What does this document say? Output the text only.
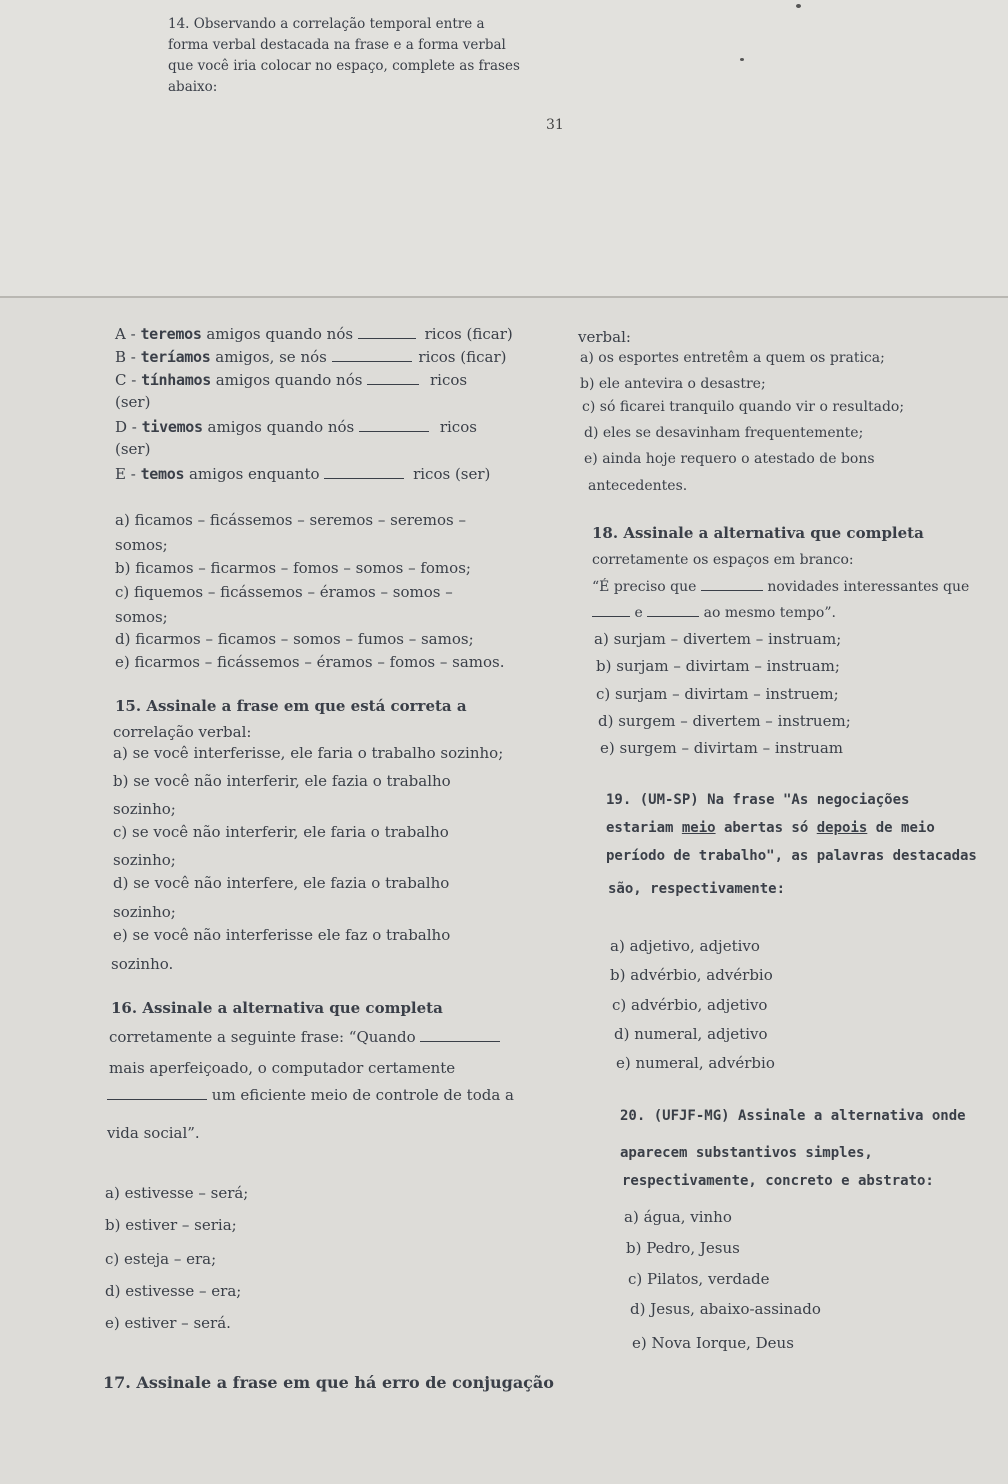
14. Observando a correlação temporal entre a
forma verbal destacada na frase e a forma verbal
que você iria colocar no espaço, complete as frases
abaixo:
31
A - teremos amigos quando nós	ricos (ficar)
B - teríamos amigos, se nós	ricos (ficar)
C - tínhamos amigos quando nós	ricos
(ser)
D - tivemos amigos quando nós	ricos
(ser)
E - temos amigos enquanto	ricos (ser)
a) ficamos – ficássemos – seremos – seremos –
somos;
b) ficamos – ficarmos – fomos – somos – fomos;
c) fiquemos – ficássemos – éramos – somos –
somos;
d) ficarmos – ficamos – somos – fumos – samos;
e) ficarmos – ficássemos – éramos – fomos – samos.
15. Assinale a frase em que está correta a
correlação verbal:
a) se você interferisse, ele faria o trabalho sozinho;
b) se você não interferir, ele fazia o trabalho
sozinho;
c) se você não interferir, ele faria o trabalho
sozinho;
d) se você não interfere, ele fazia o trabalho
sozinho;
e) se você não interferisse ele faz o trabalho
sozinho.
16. Assinale a alternativa que completa
corretamente a seguinte frase: “Quando
mais aperfeiçoado, o computador certamente
um eficiente meio de controle de toda a
vida social”.
a) estivesse – será;
b) estiver – seria;
c) esteja – era;
d) estivesse – era;
e) estiver – será.
17. Assinale a frase em que há erro de conjugação
verbal:
a) os esportes entretêm a quem os pratica;
b) ele antevira o desastre;
c) só ficarei tranquilo quando vir o resultado;
d) eles se desavinham frequentemente;
e) ainda hoje requero o atestado de bons
antecedentes.
18. Assinale a alternativa que completa
corretamente os espaços em branco:
“É preciso que	novidades interessantes que
e	ao mesmo tempo”.
a) surjam – divertem – instruam;
b) surjam – divirtam – instruam;
c) surjam – divirtam – instruem;
d) surgem – divertem – instruem;
e) surgem – divirtam – instruam
19. (UM-SP) Na frase "As negociações
estariam meio abertas só depois de meio
período de trabalho", as palavras destacadas
são, respectivamente:
a) adjetivo, adjetivo
b) advérbio, advérbio
c) advérbio, adjetivo
d) numeral, adjetivo
e) numeral, advérbio
20. (UFJF-MG) Assinale a alternativa onde
aparecem substantivos simples,
respectivamente, concreto e abstrato:
a) água, vinho
b) Pedro, Jesus
c) Pilatos, verdade
d) Jesus, abaixo-assinado
e) Nova Iorque, Deus
